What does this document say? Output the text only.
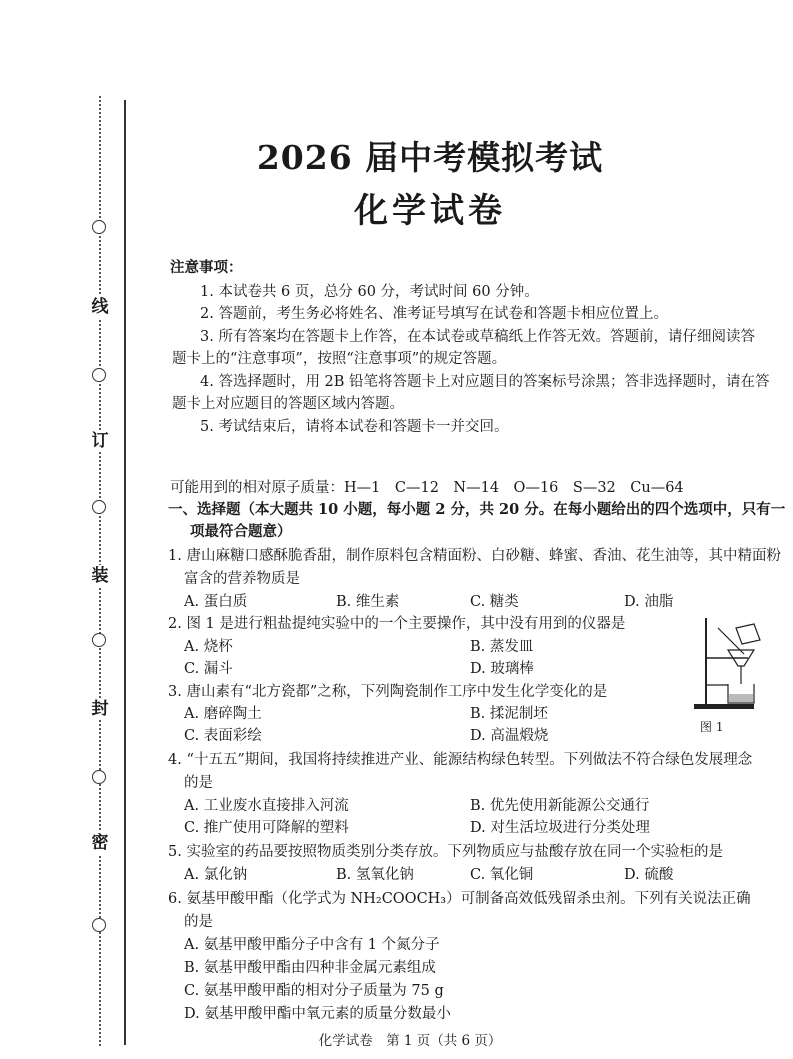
线
订
装
封
密
2026 届中考模拟考试
化学试卷
注意事项：
1. 本试卷共 6 页，总分 60 分，考试时间 60 分钟。
2. 答题前，考生务必将姓名、准考证号填写在试卷和答题卡相应位置上。
3. 所有答案均在答题卡上作答，在本试卷或草稿纸上作答无效。答题前，请仔细阅读答
题卡上的“注意事项”，按照“注意事项”的规定答题。
4. 答选择题时，用 2B 铅笔将答题卡上对应题目的答案标号涂黑；答非选择题时，请在答
题卡上对应题目的答题区域内答题。
5. 考试结束后，请将本试卷和答题卡一并交回。
可能用到的相对原子质量：H—1　C—12　N—14　O—16　S—32　Cu—64
一、选择题（本大题共 10 小题，每小题 2 分，共 20 分。在每小题给出的四个选项中，只有一
项最符合题意）
1. 唐山麻糖口感酥脆香甜，制作原料包含精面粉、白砂糖、蜂蜜、香油、花生油等，其中精面粉
富含的营养物质是
A. 蛋白质	B. 维生素	C. 糖类	D. 油脂
2. 图 1 是进行粗盐提纯实验中的一个主要操作，其中没有用到的仪器是
A. 烧杯	B. 蒸发皿
C. 漏斗	D. 玻璃棒
图 1
3. 唐山素有“北方瓷都”之称，下列陶瓷制作工序中发生化学变化的是
A. 磨碎陶土	B. 揉泥制坯
C. 表面彩绘	D. 高温煅烧
4. “十五五”期间，我国将持续推进产业、能源结构绿色转型。下列做法不符合绿色发展理念
的是
A. 工业废水直接排入河流	B. 优先使用新能源公交通行
C. 推广使用可降解的塑料	D. 对生活垃圾进行分类处理
5. 实验室的药品要按照物质类别分类存放。下列物质应与盐酸存放在同一个实验柜的是
A. 氯化钠	B. 氢氧化钠	C. 氧化铜	D. 硫酸
6. 氨基甲酸甲酯（化学式为 NH₂COOCH₃）可制备高效低残留杀虫剂。下列有关说法正确
的是
A. 氨基甲酸甲酯分子中含有 1 个氮分子
B. 氨基甲酸甲酯由四种非金属元素组成
C. 氨基甲酸甲酯的相对分子质量为 75 g
D. 氨基甲酸甲酯中氧元素的质量分数最小
化学试卷　第 1 页（共 6 页）
